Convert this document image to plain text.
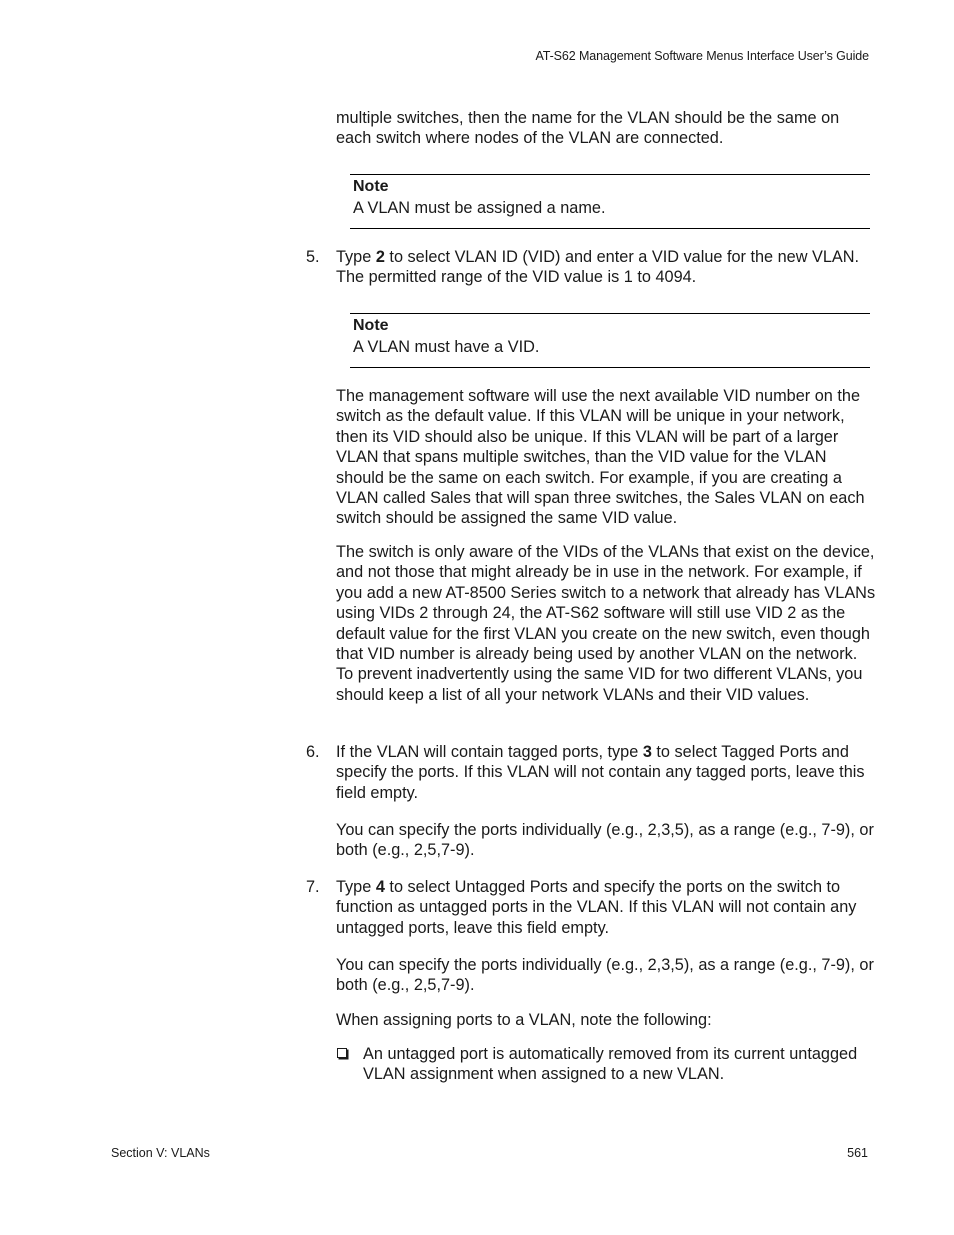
AT-S62 Management Software Menus Interface User’s Guide
multiple switches, then the name for the VLAN should be the same on each switch where nodes of the VLAN are connected.
Note
A VLAN must be assigned a name.
5.	Type 2 to select VLAN ID (VID) and enter a VID value for the new VLAN. The permitted range of the VID value is 1 to 4094.
Note
A VLAN must have a VID.
The management software will use the next available VID number on the switch as the default value. If this VLAN will be unique in your network, then its VID should also be unique. If this VLAN will be part of a larger VLAN that spans multiple switches, than the VID value for the VLAN should be the same on each switch. For example, if you are creating a VLAN called Sales that will span three switches, the Sales VLAN on each switch should be assigned the same VID value.
The switch is only aware of the VIDs of the VLANs that exist on the device, and not those that might already be in use in the network. For example, if you add a new AT-8500 Series switch to a network that already has VLANs using VIDs 2 through 24, the AT-S62 software will still use VID 2 as the default value for the first VLAN you create on the new switch, even though that VID number is already being used by another VLAN on the network. To prevent inadvertently using the same VID for two different VLANs, you should keep a list of all your network VLANs and their VID values.
6.	If the VLAN will contain tagged ports, type 3 to select Tagged Ports and specify the ports. If this VLAN will not contain any tagged ports, leave this field empty.
You can specify the ports individually (e.g., 2,3,5), as a range (e.g., 7-9), or both (e.g., 2,5,7-9).
7.	Type 4 to select Untagged Ports and specify the ports on the switch to function as untagged ports in the VLAN. If this VLAN will not contain any untagged ports, leave this field empty.
You can specify the ports individually (e.g., 2,3,5), as a range (e.g., 7-9), or both (e.g., 2,5,7-9).
When assigning ports to a VLAN, note the following:
An untagged port is automatically removed from its current untagged VLAN assignment when assigned to a new VLAN.
Section V: VLANs	561
